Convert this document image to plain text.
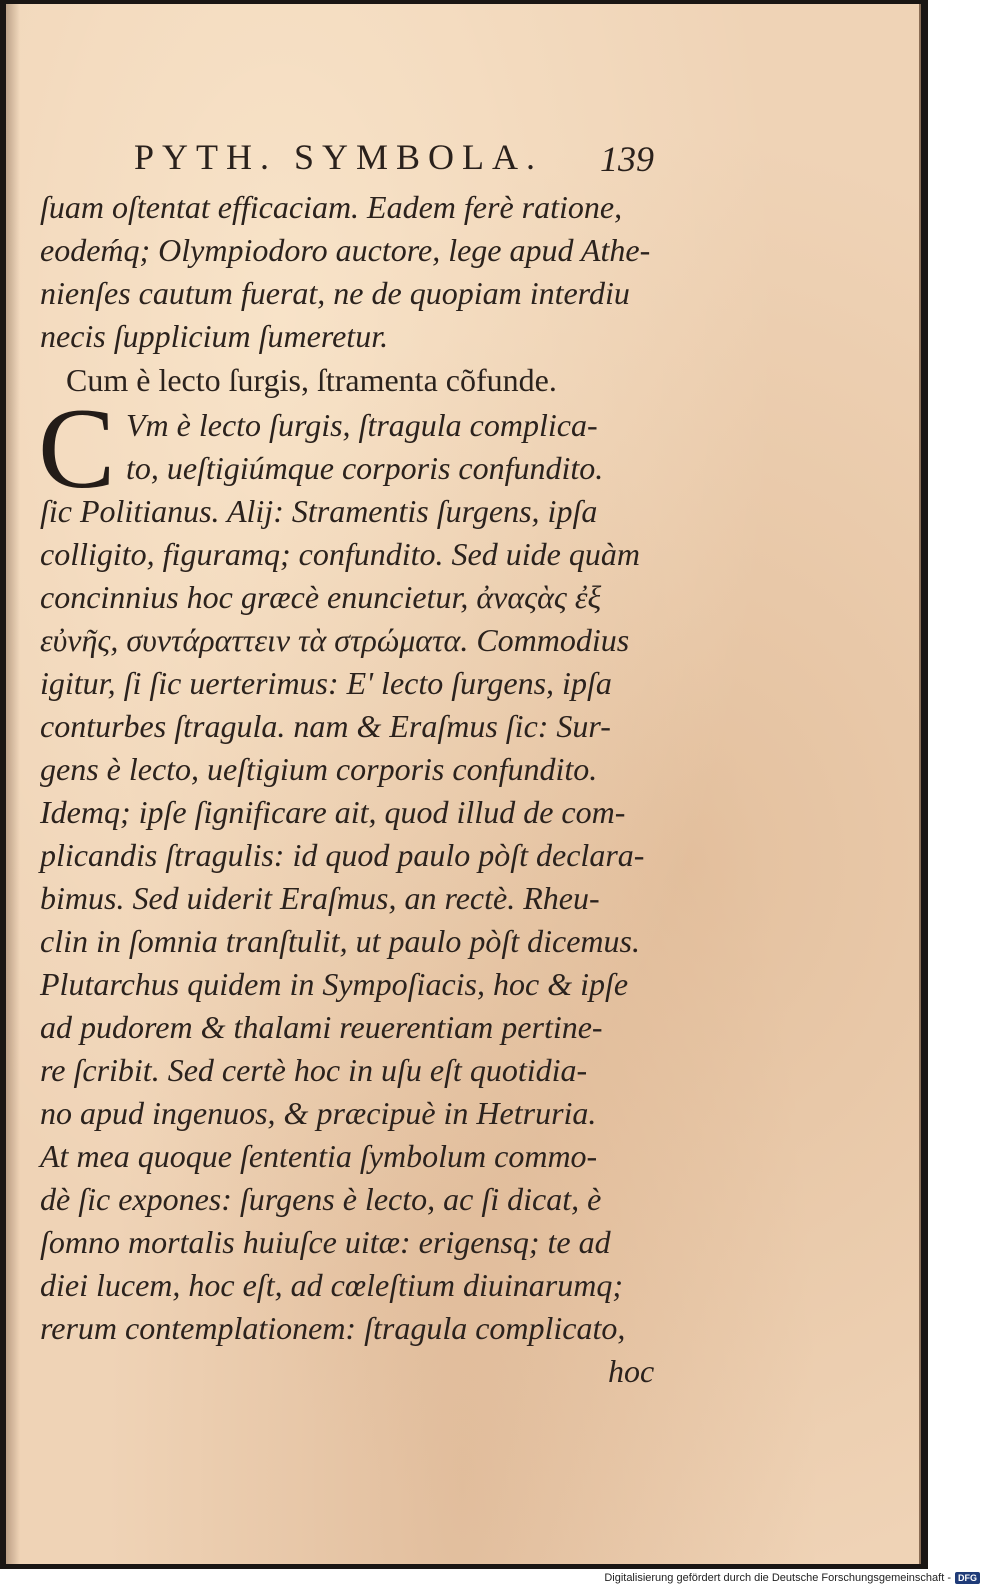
PYTH. SYMBOLA. 139
C
ſuam oſtentat efficaciam. Eadem ferè ratione,
eodeḿq; Olympiodoro auctore, lege apud Athe-
nienſes cautum fuerat, ne de quopiam interdiu
necis ſupplicium ſumeretur.
Cum è lecto ſurgis, ſtramenta cõfunde.
Vm è lecto ſurgis, ſtragula complica-
to, ueſtigiúmque corporis confundito.
ſic Politianus. Alij: Stramentis ſurgens, ipſa
colligito, figuramq; confundito. Sed uide quàm
concinnius hoc græcè enuncietur, ἀναςὰς ἐξ
εὐνῆς, συντάραττειν τὰ στρώματα. Commodius
igitur, ſi ſic uerterimus: E' lecto ſurgens, ipſa
conturbes ſtragula. nam & Eraſmus ſic: Sur-
gens è lecto, ueſtigium corporis confundito.
Idemq; ipſe ſignificare ait, quod illud de com-
plicandis ſtragulis: id quod paulo pòſt declara-
bimus. Sed uiderit Eraſmus, an rectè. Rheu-
clin in ſomnia tranſtulit, ut paulo pòſt dicemus.
Plutarchus quidem in Sympoſiacis, hoc & ipſe
ad pudorem & thalami reuerentiam pertine-
re ſcribit. Sed certè hoc in uſu eſt quotidia-
no apud ingenuos, & præcipuè in Hetruria.
At mea quoque ſententia ſymbolum commo-
dè ſic expones: ſurgens è lecto, ac ſi dicat, è
ſomno mortalis huiuſce uitæ: erigensq; te ad
diei lucem, hoc eſt, ad cœleſtium diuinarumq;
rerum contemplationem: ſtragula complicato,
hoc
Digitalisierung gefördert durch die Deutsche Forschungsgemeinschaft - DFG
